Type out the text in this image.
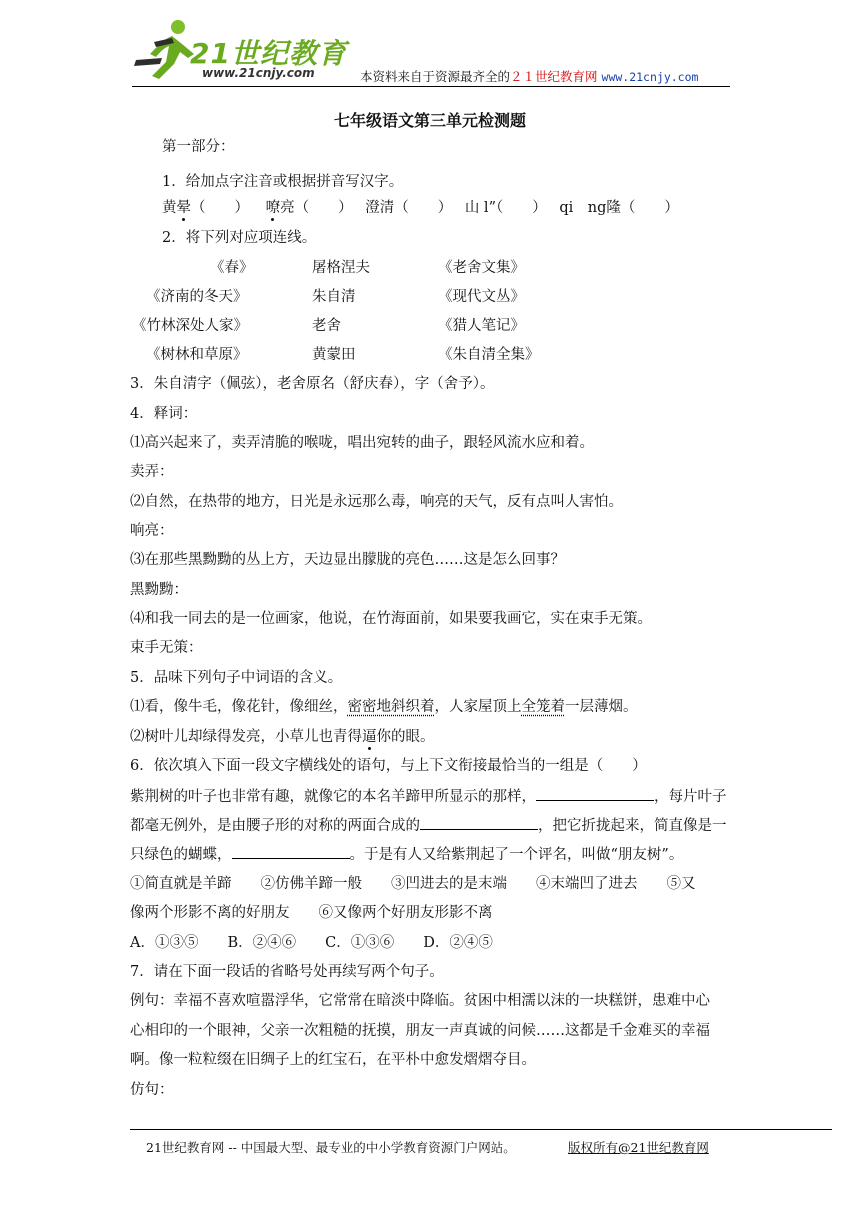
21世纪教育
www.21cnjy.com	本资料来自于资源最齐全的２１世纪教育网 www.21cnjy.com
七年级语文第三单元检测题
第一部分：
1．给加点字注音或根据拼音写汉字。
黄晕（　　） 嘹亮（　　） 澄清（　　） 山 l”（　　） qi　ng隆（　　）
2．将下列对应项连线。
《春》	屠格涅夫	《老舍文集》
《济南的冬天》	朱自清	《现代文丛》
《竹林深处人家》	老舍	《猎人笔记》
《树林和草原》	黄蒙田	《朱自清全集》
3．朱自清字（佩弦），老舍原名（舒庆春），字（舍予）。
4．释词：
⑴高兴起来了，卖弄清脆的喉咙，唱出宛转的曲子，跟轻风流水应和着。
卖弄：
⑵自然，在热带的地方，日光是永远那么毒，响亮的天气，反有点叫人害怕。
响亮：
⑶在那些黑黝黝的丛上方，天边显出朦胧的亮色……这是怎么回事？
黑黝黝：
⑷和我一同去的是一位画家，他说，在竹海面前，如果要我画它，实在束手无策。
束手无策：
5．品味下列句子中词语的含义。
⑴看，像牛毛，像花针，像细丝，密密地斜织着，人家屋顶上全笼着一层薄烟。
⑵树叶儿却绿得发亮，小草儿也青得逼你的眼。
6．依次填入下面一段文字横线处的语句，与上下文衔接最恰当的一组是（　　）
紫荆树的叶子也非常有趣，就像它的本名羊蹄甲所显示的那样，	，每片叶子
都毫无例外，是由腰子形的对称的两面合成的	，把它折拢起来，简直像是一
只绿色的蝴蝶，	。于是有人又给紫荆起了一个评名，叫做“朋友树”。
①简直就是羊蹄　　②仿佛羊蹄一般　　③凹进去的是末端　　④末端凹了进去　　⑤又
像两个形影不离的好朋友　　⑥又像两个好朋友形影不离
A．①③⑤　　B．②④⑥　　C．①③⑥　　D．②④⑤
7．请在下面一段话的省略号处再续写两个句子。
例句：幸福不喜欢喧嚣浮华，它常常在暗淡中降临。贫困中相濡以沫的一块糕饼，患难中心
心相印的一个眼神，父亲一次粗糙的抚摸，朋友一声真诚的问候……这都是千金难买的幸福
啊。像一粒粒缀在旧绸子上的红宝石，在平朴中愈发熠熠夺目。
仿句：
21世纪教育网 -- 中国最大型、最专业的中小学教育资源门户网站。	版权所有@21世纪教育网
